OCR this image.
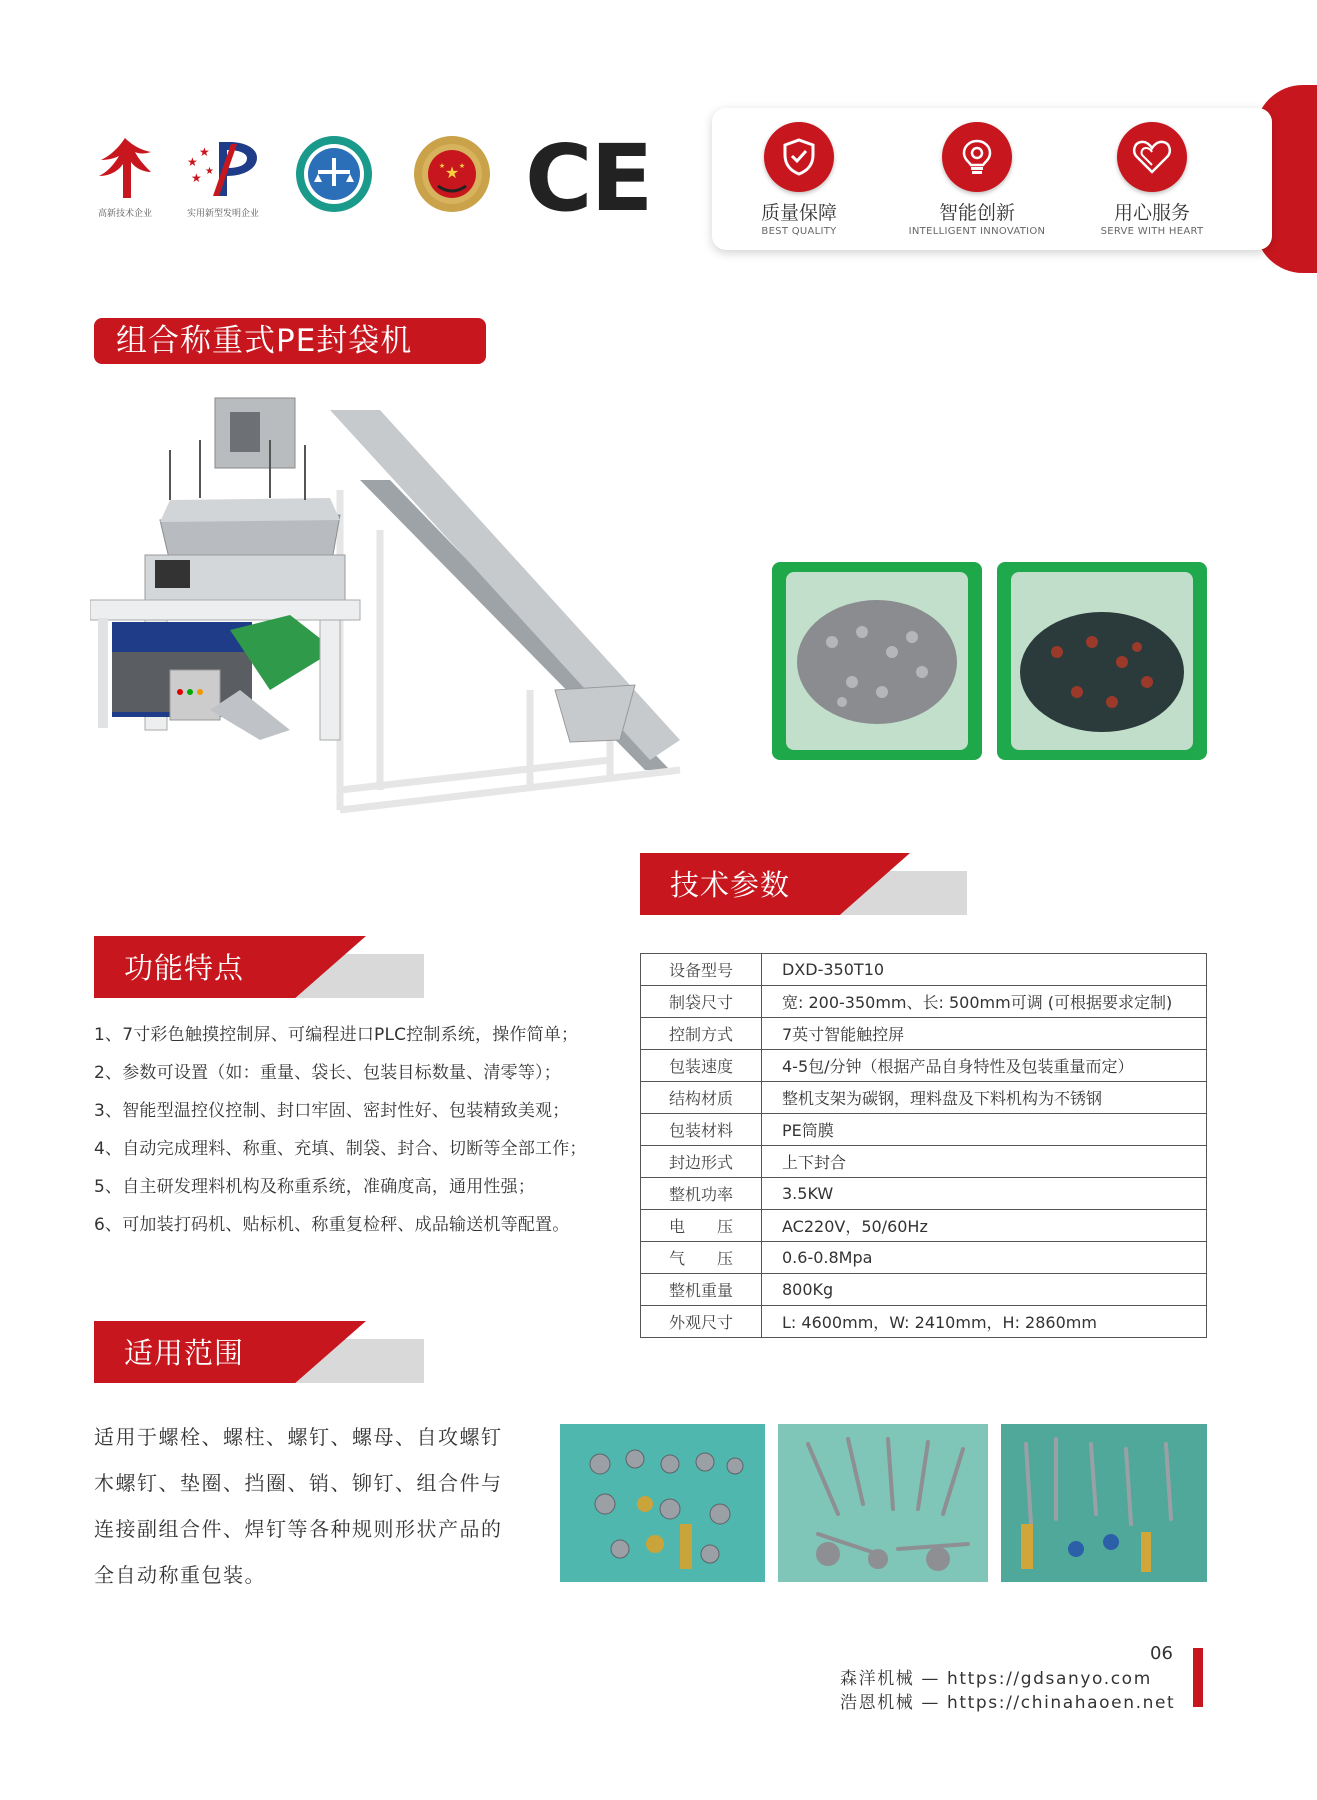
高新技术企业
★
★
★ ★
实用新型发明企业
★
★ ★ CE	质量保障
BEST QUALITY
智能创新
INTELLIGENT INNOVATION
用心服务
SERVE WITH HEART
组合称重式PE封袋机
技术参数
功能特点
1、7寸彩色触摸控制屏、可编程进口PLC控制系统，操作简单；
2、参数可设置（如：重量、袋长、包装目标数量、清零等）；
3、智能型温控仪控制、封口牢固、密封性好、包装精致美观；
4、自动完成理料、称重、充填、制袋、封合、切断等全部工作；
5、自主研发理料机构及称重系统，准确度高，通用性强；
6、可加装打码机、贴标机、称重复检秤、成品输送机等配置。
设备型号	DXD-350T10
制袋尺寸	宽: 200-350mm、长: 500mm可调 (可根据要求定制)
控制方式	7英寸智能触控屏
包装速度	4-5包/分钟（根据产品自身特性及包装重量而定）
结构材质	整机支架为碳钢，理料盘及下料机构为不锈钢
包装材料	PE筒膜
封边形式	上下封合
整机功率	3.5KW
电　　压	AC220V，50/60Hz
气　　压	0.6-0.8Mpa
整机重量	800Kg
外观尺寸	L: 4600mm，W: 2410mm，H: 2860mm
适用范围
适用于螺栓、螺柱、螺钉、螺母、自攻螺钉
木螺钉、垫圈、挡圈、销、铆钉、组合件与
连接副组合件、焊钉等各种规则形状产品的
全自动称重包装。
06
森洋机械 — https://gdsanyo.com
浩恩机械 — https://chinahaoen.net
